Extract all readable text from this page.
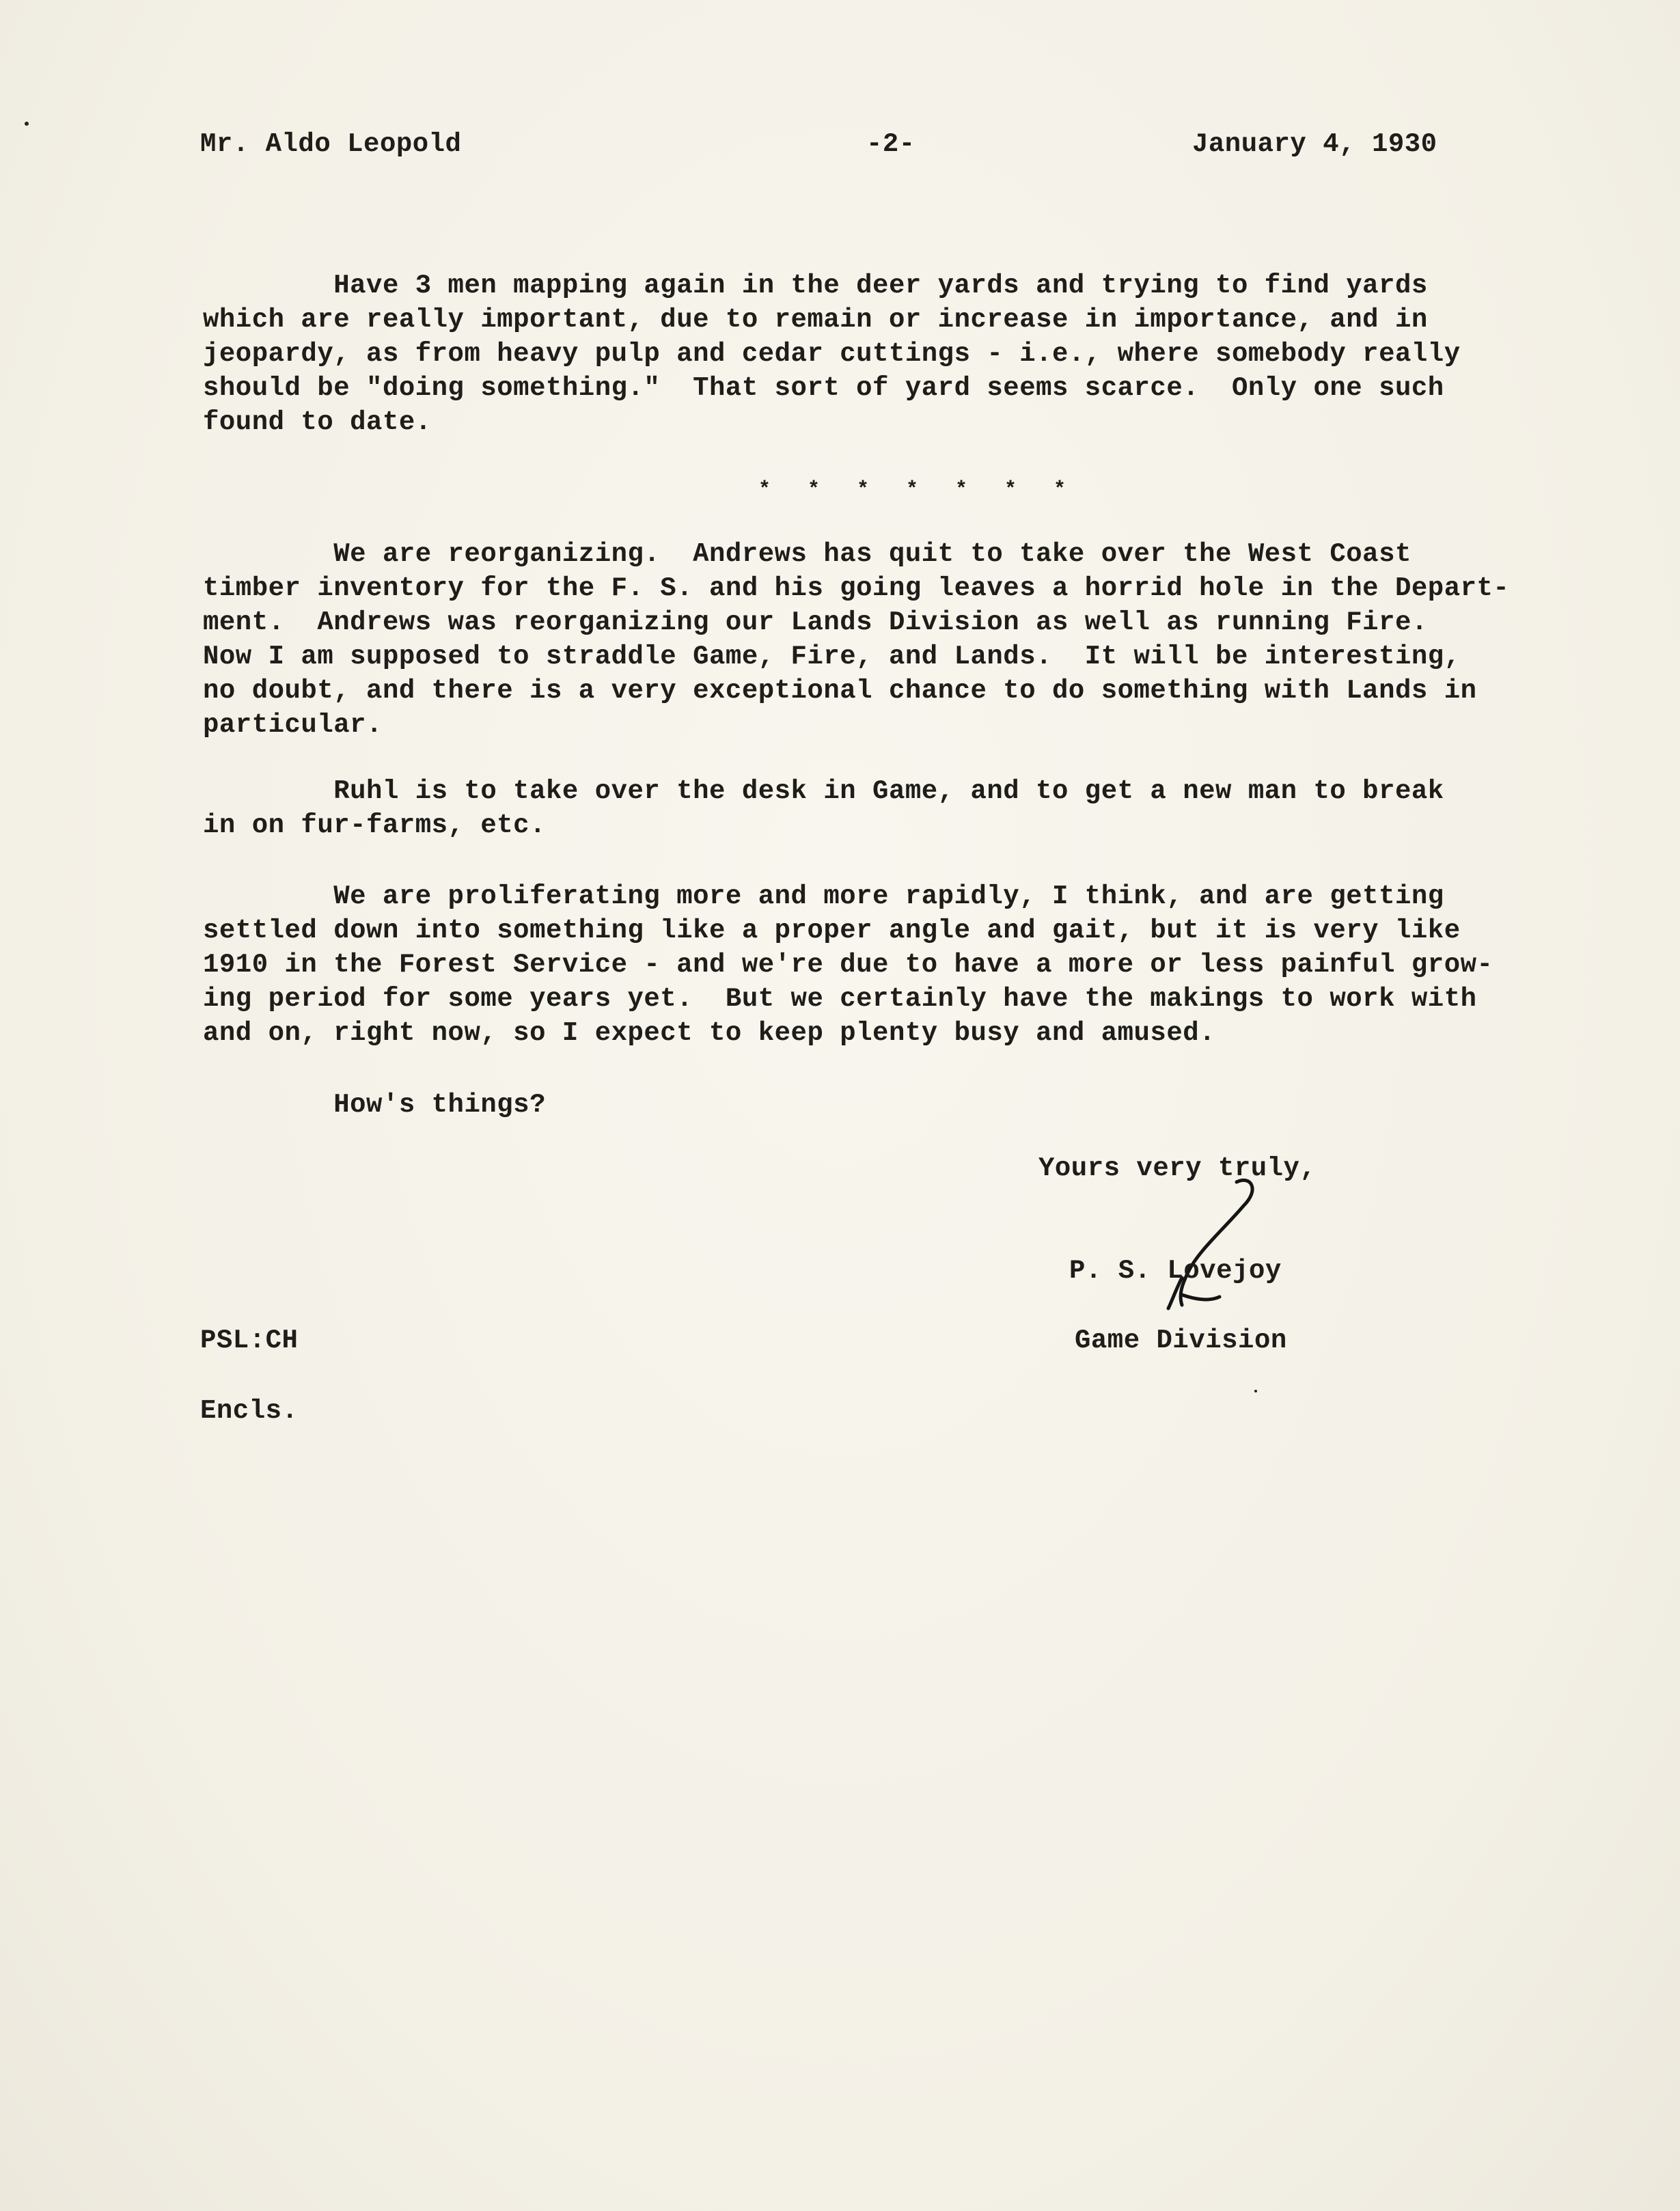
Mr. Aldo Leopold	-2-	January 4, 1930
Have 3 men mapping again in the deer yards and trying to find yards
which are really important, due to remain or increase in importance, and in
jeopardy, as from heavy pulp and cedar cuttings - i.e., where somebody really
should be "doing something."  That sort of yard seems scarce.  Only one such
found to date.
* * * * * * *
We are reorganizing.  Andrews has quit to take over the West Coast
timber inventory for the F. S. and his going leaves a horrid hole in the Depart-
ment.  Andrews was reorganizing our Lands Division as well as running Fire.
Now I am supposed to straddle Game, Fire, and Lands.  It will be interesting,
no doubt, and there is a very exceptional chance to do something with Lands in
particular.
Ruhl is to take over the desk in Game, and to get a new man to break
in on fur-farms, etc.
We are proliferating more and more rapidly, I think, and are getting
settled down into something like a proper angle and gait, but it is very like
1910 in the Forest Service - and we're due to have a more or less painful grow-
ing period for some years yet.  But we certainly have the makings to work with
and on, right now, so I expect to keep plenty busy and amused.
How's things?
Yours very truly,
P. S. Lovejoy
Game Division
PSL:CH
Encls.
